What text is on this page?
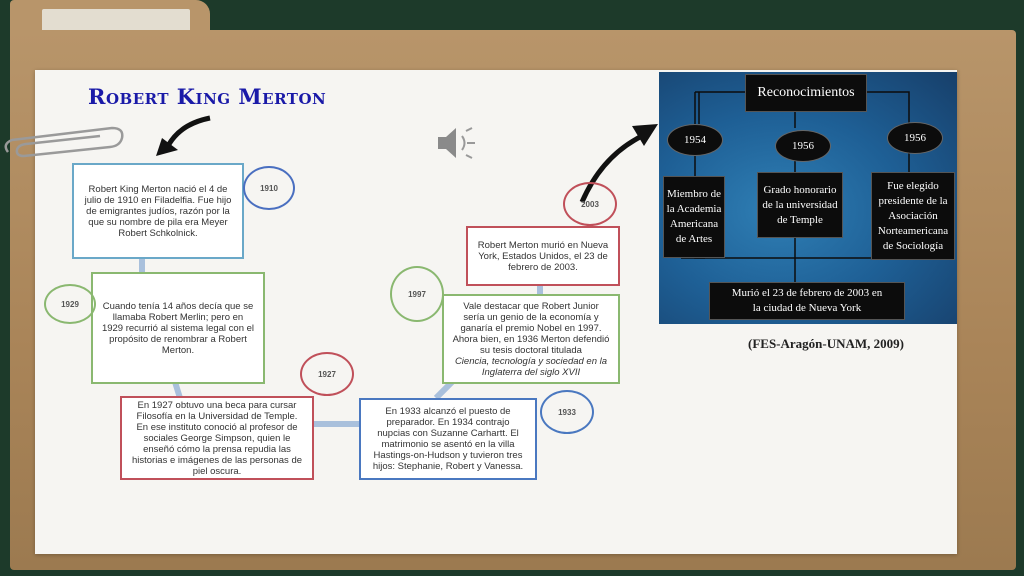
Robert King Merton
Robert King Merton nació el 4 de julio de 1910 en Filadelfia. Fue hijo de emigrantes judíos, razón por la que su nombre de pila era Meyer Robert Schkolnick.
1910
Cuando tenía 14 años decía que se llamaba Robert Merlin; pero en 1929 recurrió al sistema legal con el propósito de renombrar a Robert Merton.
1929
En 1927 obtuvo una beca para cursar Filosofía en la Universidad de Temple. En ese instituto conoció al profesor de sociales George Simpson, quien le enseñó cómo la prensa repudia las historias e imágenes de las personas de piel oscura.
1927
En 1933 alcanzó el puesto de preparador. En 1934 contrajo nupcias con Suzanne Carhartt. El matrimonio se asentó en la villa Hastings-on-Hudson y tuvieron tres hijos: Stephanie, Robert y Vanessa.
1933
Vale destacar que Robert Junior sería un genio de la economía y ganaría el premio Nobel en 1997. Ahora bien, en 1936 Merton defendió su tesis doctoral titulada
Ciencia, tecnología y sociedad en la Inglaterra del siglo XVII
1997
Robert Merton murió en Nueva York, Estados Unidos, el 23 de febrero de 2003.
2003
Reconocimientos
1954	1956
1956
Miembro de la Academia Americana de Artes
Grado honorario de la universidad de Temple
Fue elegido presidente de la Asociación Norteamericana de Sociología
Murió el 23 de febrero de 2003 en la ciudad de Nueva York
(FES-Aragón-UNAM, 2009)
